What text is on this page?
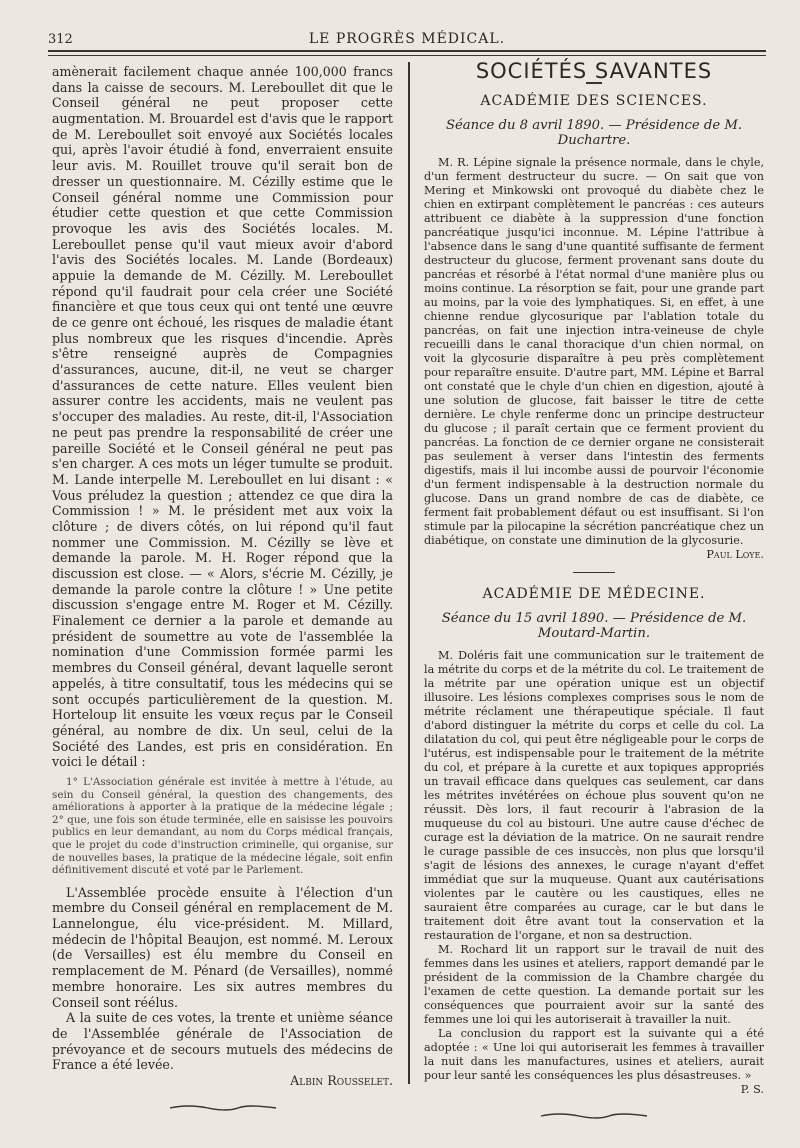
312	LE PROGRÈS MÉDICAL.

amènerait facilement chaque année 100,000 francs dans la caisse de secours. M. Lereboullet dit que le Conseil général ne peut proposer cette augmentation. M. Brouardel est d'avis que le rapport de M. Lereboullet soit envoyé aux Sociétés locales qui, après l'avoir étudié à fond, enverraient ensuite leur avis. M. Rouillet trouve qu'il serait bon de dresser un questionnaire. M. Cézilly estime que le Conseil général nomme une Commission pour étudier cette question et que cette Commission provoque les avis des Sociétés locales. M. Lereboullet pense qu'il vaut mieux avoir d'abord l'avis des Sociétés locales. M. Lande (Bordeaux) appuie la demande de M. Cézilly. M. Lereboullet répond qu'il faudrait pour cela créer une Société financière et que tous ceux qui ont tenté une œuvre de ce genre ont échoué, les risques de maladie étant plus nombreux que les risques d'incendie. Après s'être renseigné auprès de Compagnies d'assurances, aucune, dit-il, ne veut se charger d'assurances de cette nature. Elles veulent bien assurer contre les accidents, mais ne veulent pas s'occuper des maladies. Au reste, dit-il, l'Association ne peut pas prendre la responsabilité de créer une pareille Société et le Conseil général ne peut pas s'en charger. A ces mots un léger tumulte se produit. M. Lande interpelle M. Lereboullet en lui disant : « Vous préludez la question ; attendez ce que dira la Commission ! » M. le président met aux voix la clôture ; de divers côtés, on lui répond qu'il faut nommer une Commission. M. Cézilly se lève et demande la parole. M. H. Roger répond que la discussion est close. — « Alors, s'écrie M. Cézilly, je demande la parole contre la clôture ! » Une petite discussion s'engage entre M. Roger et M. Cézilly. Finalement ce dernier a la parole et demande au président de soumettre au vote de l'assemblée la nomination d'une Commission formée parmi les membres du Conseil général, devant laquelle seront appelés, à titre consultatif, tous les médecins qui se sont occupés particulièrement de la question. M. Horteloup lit ensuite les vœux reçus par le Conseil général, au nombre de dix. Un seul, celui de la Société des Landes, est pris en considération. En voici le détail :

1° L'Association générale est invitée à mettre à l'étude, au sein du Conseil général, la question des changements, des améliorations à apporter à la pratique de la médecine légale ; 2° que, une fois son étude terminée, elle en saisisse les pouvoirs publics en leur demandant, au nom du Corps médical français, que le projet du code d'instruction criminelle, qui organise, sur de nouvelles bases, la pratique de la médecine légale, soit enfin définitivement discuté et voté par le Parlement.

L'Assemblée procède ensuite à l'élection d'un membre du Conseil général en remplacement de M. Lannelongue, élu vice-président. M. Millard, médecin de l'hôpital Beaujon, est nommé. M. Leroux (de Versailles) est élu membre du Conseil en remplacement de M. Pénard (de Versailles), nommé membre honoraire. Les six autres membres du Conseil sont réélus.

A la suite de ces votes, la trente et unième séance de l'Assemblée générale de l'Association de prévoyance et de secours mutuels des médecins de France a été levée.

Albin Rousselet.

SOCIÉTÉS SAVANTES
ACADÉMIE DES SCIENCES.
Séance du 8 avril 1890. — Présidence de M. Duchartre.

M. R. Lépine signale la présence normale, dans le chyle, d'un ferment destructeur du sucre. — On sait que von Mering et Minkowski ont provoqué du diabète chez le chien en extirpant complètement le pancréas : ces auteurs attribuent ce diabète à la suppression d'une fonction pancréatique jusqu'ici inconnue. M. Lépine l'attribue à l'absence dans le sang d'une quantité suffisante de ferment destructeur du glucose, ferment provenant sans doute du pancréas et résorbé à l'état normal d'une manière plus ou moins continue. La résorption se fait, pour une grande part au moins, par la voie des lymphatiques. Si, en effet, à une chienne rendue glycosurique par l'ablation totale du pancréas, on fait une injection intra-veineuse de chyle recueilli dans le canal thoracique d'un chien normal, on voit la glycosurie disparaître à peu près complètement pour reparaître ensuite. D'autre part, MM. Lépine et Barral ont constaté que le chyle d'un chien en digestion, ajouté à une solution de glucose, fait baisser le titre de cette dernière. Le chyle renferme donc un principe destructeur du glucose ; il paraît certain que ce ferment provient du pancréas. La fonction de ce dernier organe ne consisterait pas seulement à verser dans l'intestin des ferments digestifs, mais il lui incombe aussi de pourvoir l'économie d'un ferment indispensable à la destruction normale du glucose. Dans un grand nombre de cas de diabète, ce ferment fait probablement défaut ou est insuffisant. Si l'on stimule par la pilocapine la sécrétion pancréatique chez un diabétique, on constate une diminution de la glycosurie.

Paul Loye.

ACADÉMIE DE MÉDECINE.
Séance du 15 avril 1890. — Présidence de M. Moutard-Martin.

M. Doléris fait une communication sur le traitement de la métrite du corps et de la métrite du col. Le traitement de la métrite par une opération unique est un objectif illusoire. Les lésions complexes comprises sous le nom de métrite réclament une thérapeutique spéciale. Il faut d'abord distinguer la métrite du corps et celle du col. La dilatation du col, qui peut être négligeable pour le corps de l'utérus, est indispensable pour le traitement de la métrite du col, et prépare à la curette et aux topiques appropriés un travail efficace dans quelques cas seulement, car dans les métrites invétérées on échoue plus souvent qu'on ne réussit. Dès lors, il faut recourir à l'abrasion de la muqueuse du col au bistouri. Une autre cause d'échec de curage est la déviation de la matrice. On ne saurait rendre le curage passible de ces insuccès, non plus que lorsqu'il s'agit de lésions des annexes, le curage n'ayant d'effet immédiat que sur la muqueuse. Quant aux cautérisations violentes par le cautère ou les caustiques, elles ne sauraient être comparées au curage, car le but dans le traitement doit être avant tout la conservation et la restauration de l'organe, et non sa destruction.

M. Rochard lit un rapport sur le travail de nuit des femmes dans les usines et ateliers, rapport demandé par le président de la commission de la Chambre chargée du l'examen de cette question. La demande portait sur les conséquences que pourraient avoir sur la santé des femmes une loi qui les autoriserait à travailler la nuit.

La conclusion du rapport est la suivante qui a été adoptée : « Une loi qui autoriserait les femmes à travailler la nuit dans les manufactures, usines et ateliers, aurait pour leur santé les conséquences les plus désastreuses. »

P. S.
